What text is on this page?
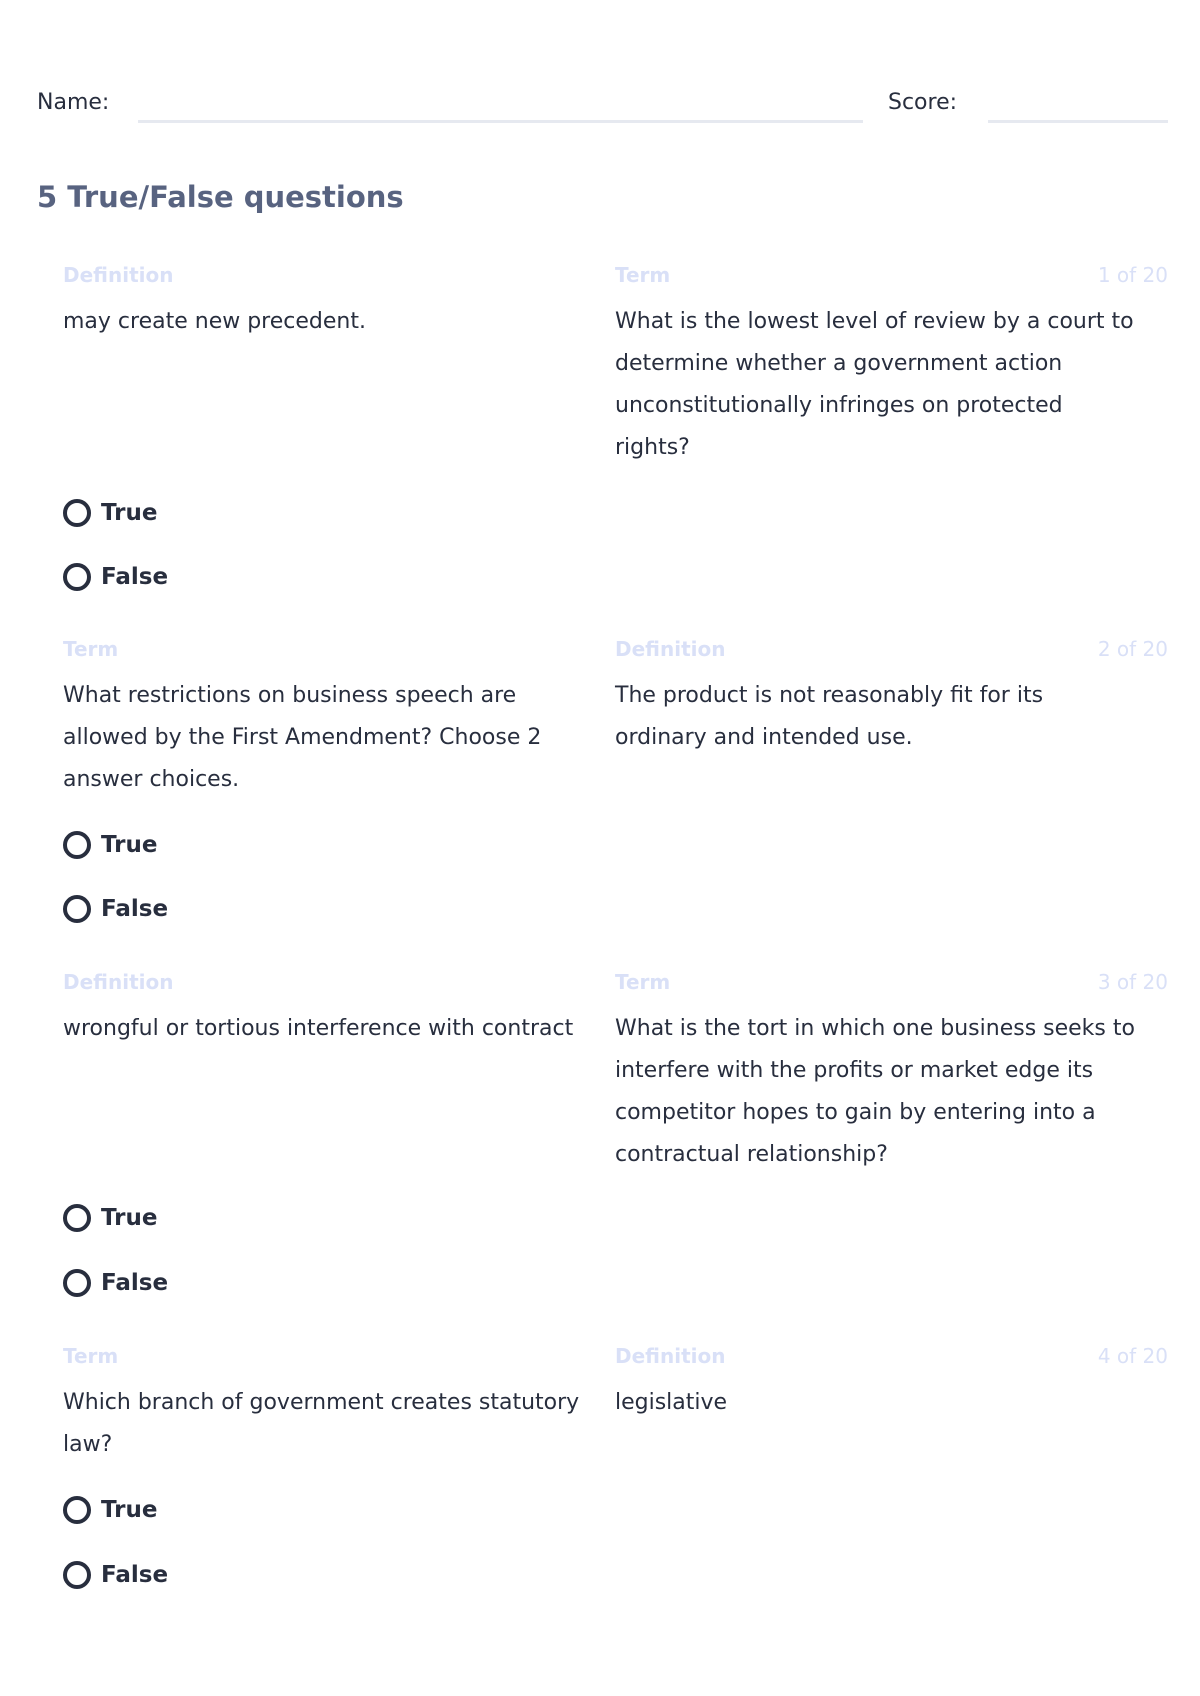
Name:	Score:
5 True/False questions
Definition	Term	1 of 20
may create new precedent.	What is the lowest level of review by a court to determine whether a government action unconstitutionally infringes on protected rights?
True
False
Term	Definition	2 of 20
What restrictions on business speech are allowed by the First Amendment? Choose 2 answer choices.
The product is not reasonably fit for its ordinary and intended use.
True
False
Definition	Term	3 of 20
wrongful or tortious interference with contract	What is the tort in which one business seeks to interfere with the profits or market edge its competitor hopes to gain by entering into a contractual relationship?
True
False
Term	Definition	4 of 20
Which branch of government creates statutory law?
legislative
True
False
